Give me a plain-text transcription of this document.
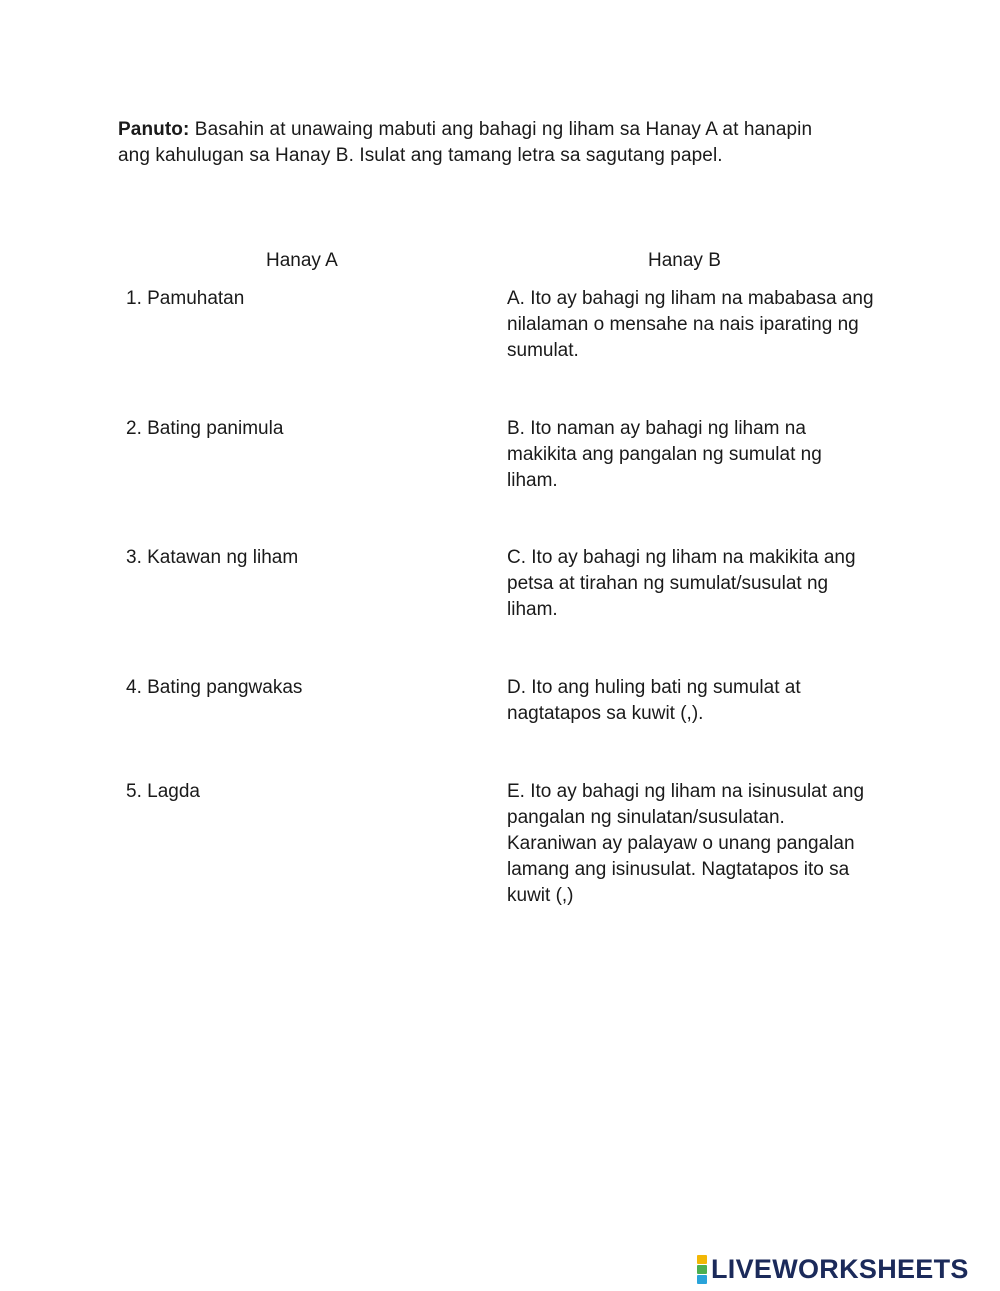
Panuto: Basahin at unawaing mabuti ang bahagi ng liham sa Hanay A at hanapin ang kahulugan sa Hanay B. Isulat ang tamang letra sa sagutang papel.
Hanay A	Hanay B
1. Pamuhatan	A. Ito ay bahagi ng liham na mababasa ang nilalaman o mensahe na nais iparating ng sumulat.
2. Bating panimula	B. Ito naman ay bahagi ng liham na makikita ang pangalan ng sumulat ng liham.
3. Katawan ng liham	C. Ito ay bahagi ng liham na makikita ang petsa at tirahan ng sumulat/susulat ng liham.
4. Bating pangwakas	D. Ito ang huling bati ng sumulat at nagtatapos sa kuwit (,).
5. Lagda	E. Ito ay bahagi ng liham na isinusulat ang pangalan ng sinulatan/susulatan. Karaniwan ay palayaw o unang pangalan lamang ang isinusulat. Nagtatapos ito sa kuwit (,)
LIVEWORKSHEETS
